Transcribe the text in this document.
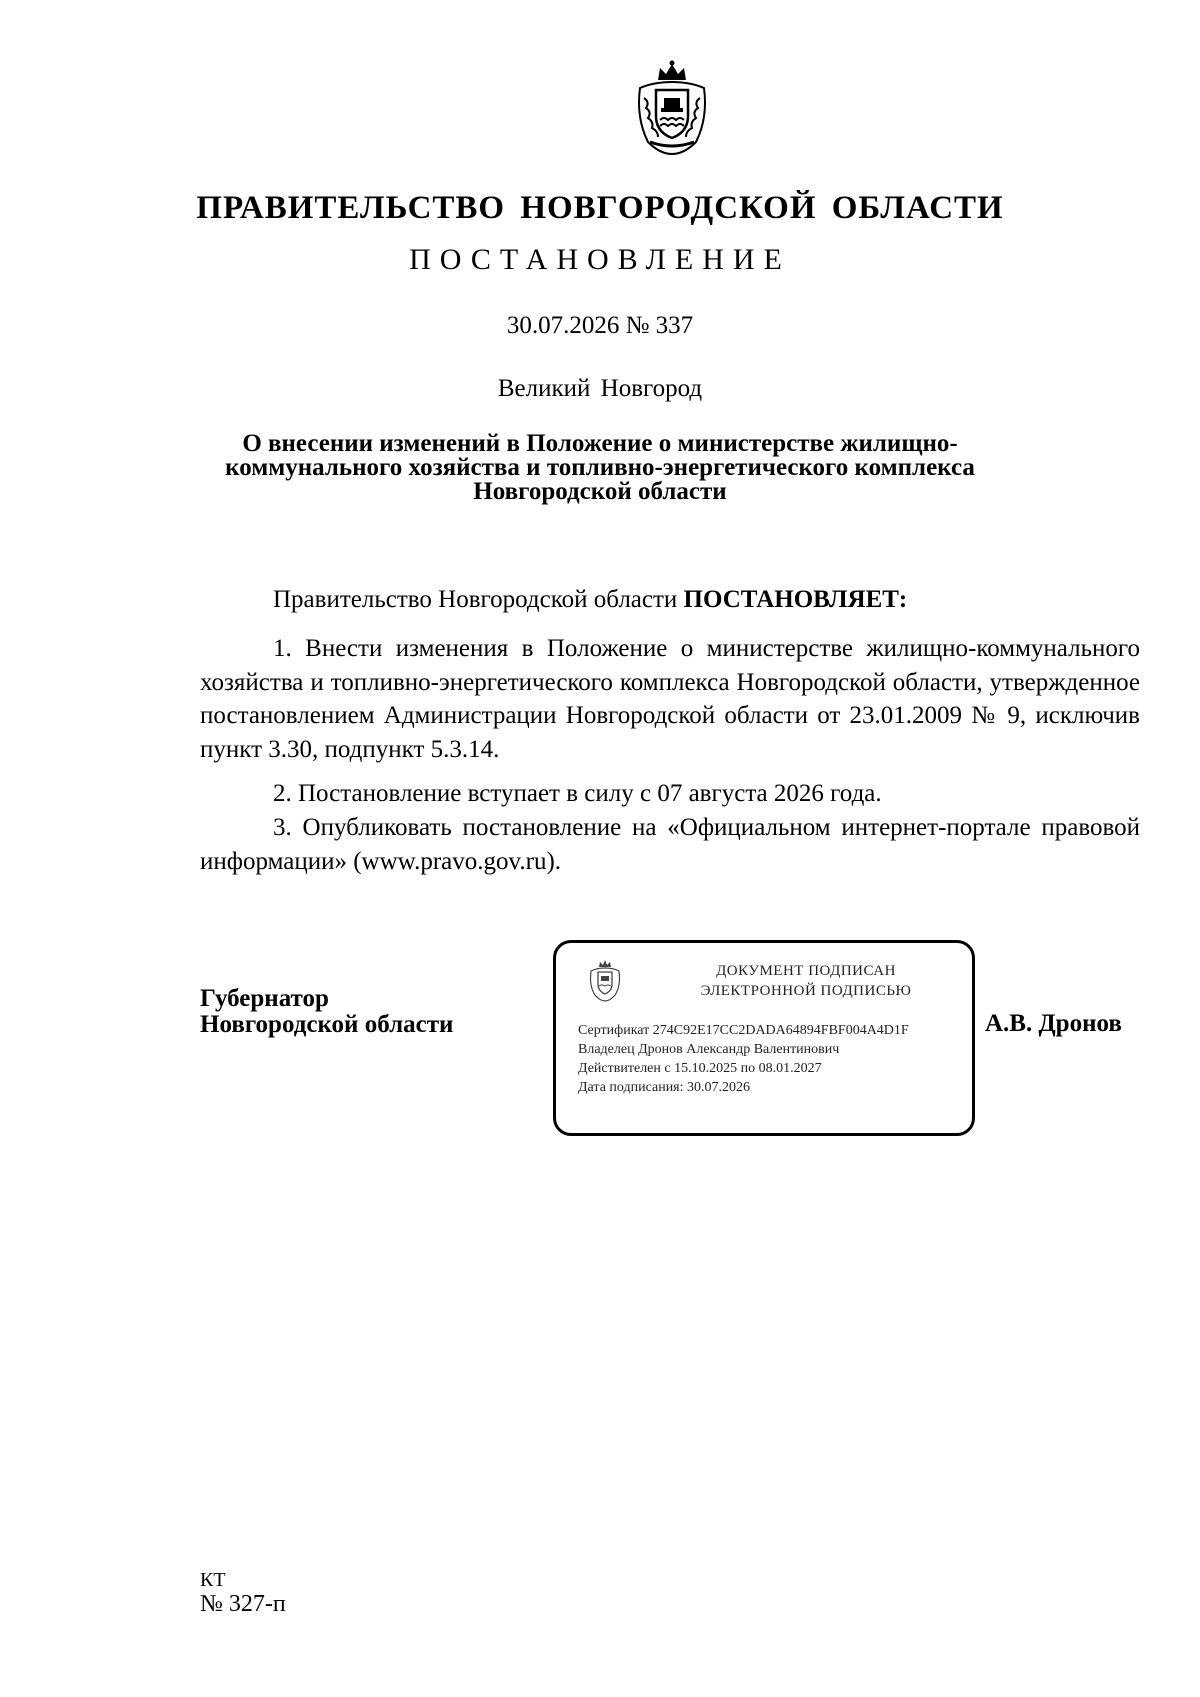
ПРАВИТЕЛЬСТВО НОВГОРОДСКОЙ ОБЛАСТИ
ПОСТАНОВЛЕНИЕ
30.07.2026 № 337
Великий Новгород
О внесении изменений в Положение о министерстве жилищно-
коммунального хозяйства и топливно-энергетического комплекса
Новгородской области
Правительство Новгородской области ПОСТАНОВЛЯЕТ:
1. Внести изменения в Положение о министерстве жилищно-коммунального хозяйства и топливно-энергетического комплекса Новгородской области, утвержденное постановлением Администрации Новгородской области от 23.01.2009 № 9, исключив пункт 3.30, подпункт 5.3.14.
2. Постановление вступает в силу с 07 августа 2026 года.
3. Опубликовать постановление на «Официальном интернет-портале правовой информации» (www.pravo.gov.ru).
Губернатор
Новгородской области
ДОКУМЕНТ ПОДПИСАН
ЭЛЕКТРОННОЙ ПОДПИСЬЮ
Сертификат 274C92E17CC2DADA64894FBF004A4D1F
Владелец Дронов Александр Валентинович
Действителен с 15.10.2025 по 08.01.2027
Дата подписания: 30.07.2026
А.В. Дронов
КТ
№ 327-п
